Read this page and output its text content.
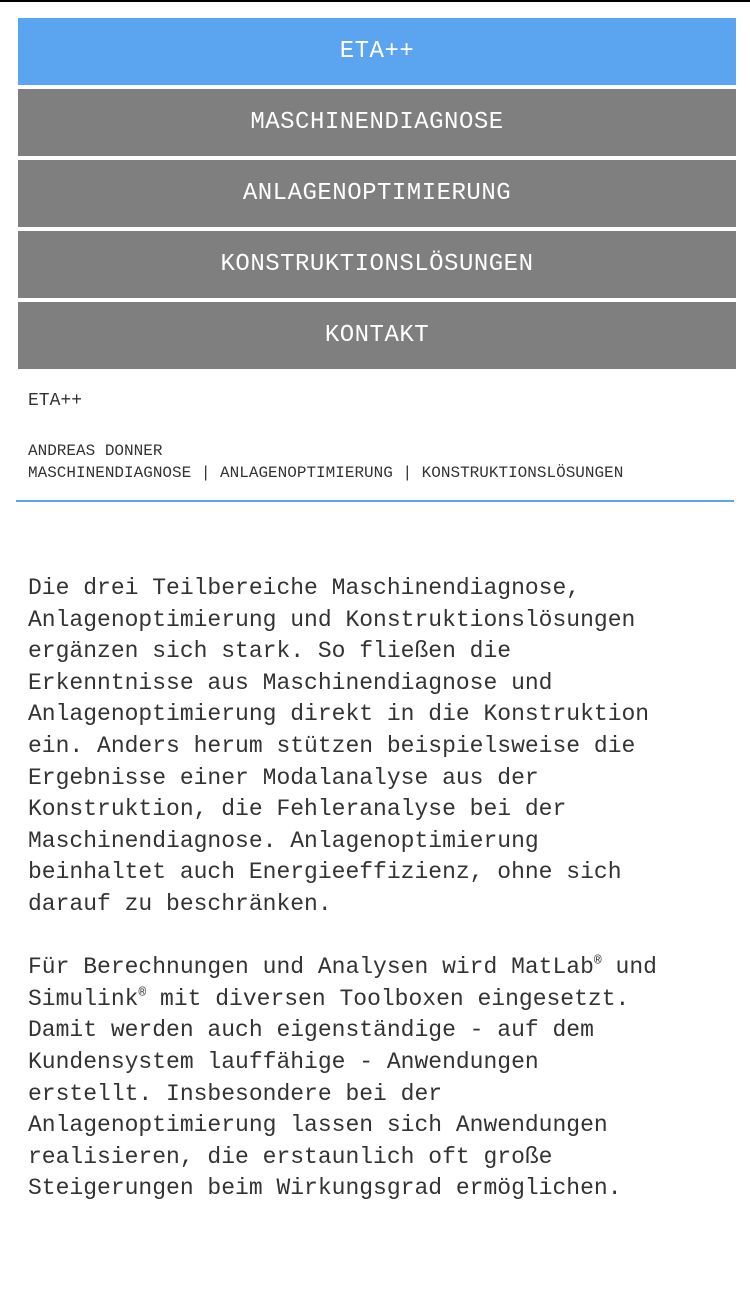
ETA++
MASCHINENDIAGNOSE
ANLAGENOPTIMIERUNG
KONSTRUKTIONSLÖSUNGEN
KONTAKT
ETA++
ANDREAS DONNER
MASCHINENDIAGNOSE | ANLAGENOPTIMIERUNG | KONSTRUKTIONSLÖSUNGEN

Die drei Teilbereiche Maschinendiagnose,
Anlagenoptimierung und Konstruktionslösungen
ergänzen sich stark. So fließen die
Erkenntnisse aus Maschinendiagnose und
Anlagenoptimierung direkt in die Konstruktion
ein. Anders herum stützen beispielsweise die
Ergebnisse einer Modalanalyse aus der
Konstruktion, die Fehleranalyse bei der
Maschinendiagnose. Anlagenoptimierung
beinhaltet auch Energieeffizienz, ohne sich
darauf zu beschränken.

Für Berechnungen und Analysen wird MatLab® und
Simulink® mit diversen Toolboxen eingesetzt.
Damit werden auch eigenständige - auf dem
Kundensystem lauffähige - Anwendungen
erstellt. Insbesondere bei der
Anlagenoptimierung lassen sich Anwendungen
realisieren, die erstaunlich oft große
Steigerungen beim Wirkungsgrad ermöglichen.
